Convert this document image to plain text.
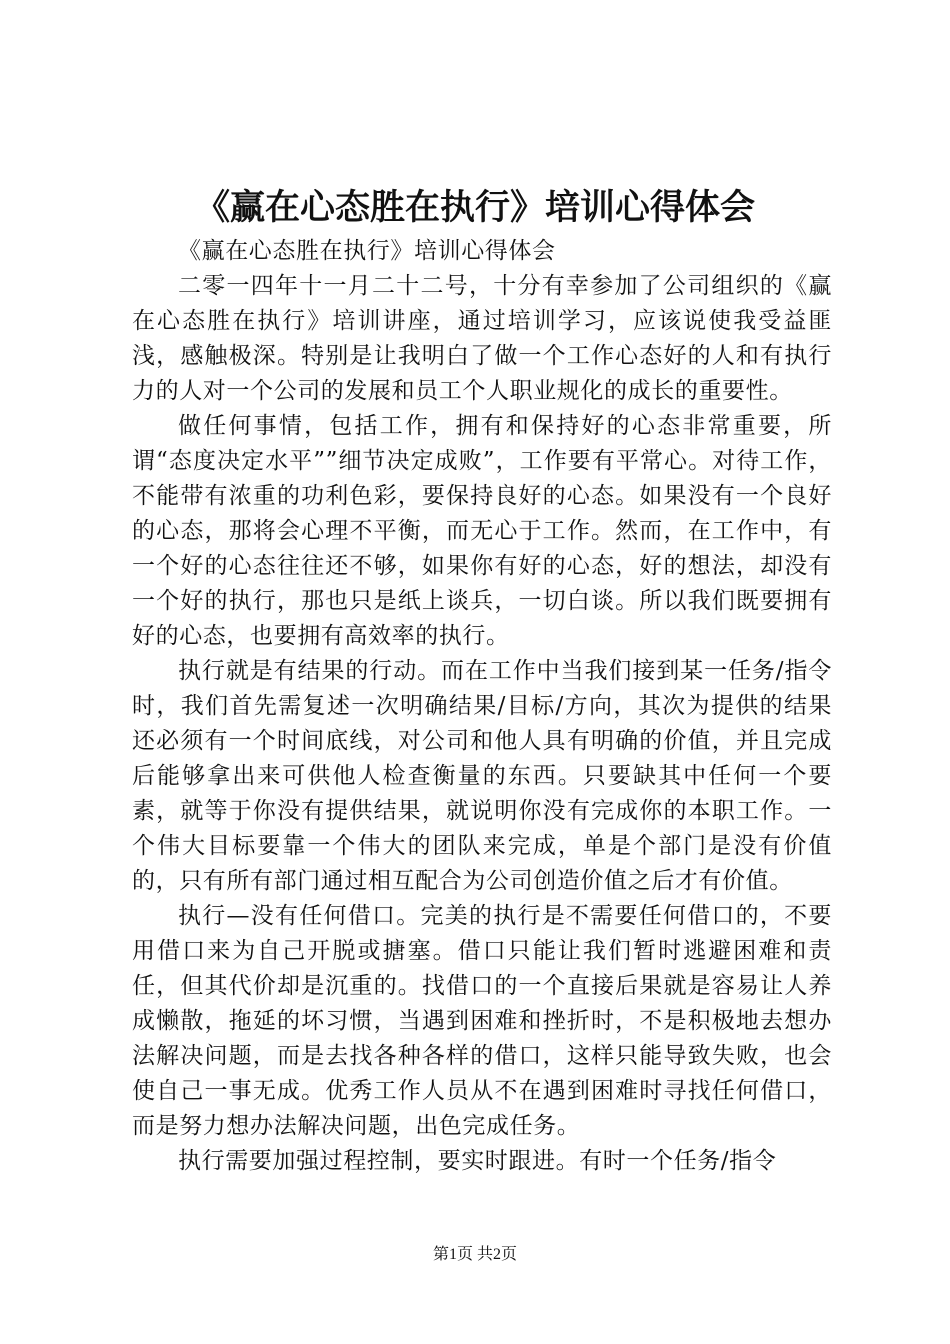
《赢在心态胜在执行》培训心得体会

《赢在心态胜在执行》培训心得体会

二零一四年十一月二十二号，十分有幸参加了公司组织的《赢在心态胜在执行》培训讲座，通过培训学习，应该说使我受益匪浅，感触极深。特别是让我明白了做一个工作心态好的人和有执行力的人对一个公司的发展和员工个人职业规化的成长的重要性。

做任何事情，包括工作，拥有和保持好的心态非常重要，所谓“态度决定水平””细节决定成败”，工作要有平常心。对待工作，不能带有浓重的功利色彩，要保持良好的心态。如果没有一个良好的心态，那将会心理不平衡，而无心于工作。然而，在工作中，有一个好的心态往往还不够，如果你有好的心态，好的想法，却没有一个好的执行，那也只是纸上谈兵，一切白谈。所以我们既要拥有好的心态，也要拥有高效率的执行。

执行就是有结果的行动。而在工作中当我们接到某一任务/指令时，我们首先需复述一次明确结果/目标/方向，其次为提供的结果还必须有一个时间底线，对公司和他人具有明确的价值，并且完成后能够拿出来可供他人检查衡量的东西。只要缺其中任何一个要素，就等于你没有提供结果，就说明你没有完成你的本职工作。一个伟大目标要靠一个伟大的团队来完成，单是个部门是没有价值的，只有所有部门通过相互配合为公司创造价值之后才有价值。

执行—没有任何借口。完美的执行是不需要任何借口的，不要用借口来为自己开脱或搪塞。借口只能让我们暂时逃避困难和责任，但其代价却是沉重的。找借口的一个直接后果就是容易让人养成懒散，拖延的坏习惯，当遇到困难和挫折时，不是积极地去想办法解决问题，而是去找各种各样的借口，这样只能导致失败，也会使自己一事无成。优秀工作人员从不在遇到困难时寻找任何借口，而是努力想办法解决问题，出色完成任务。

执行需要加强过程控制，要实时跟进。有时一个任务/指令

第1页 共2页
